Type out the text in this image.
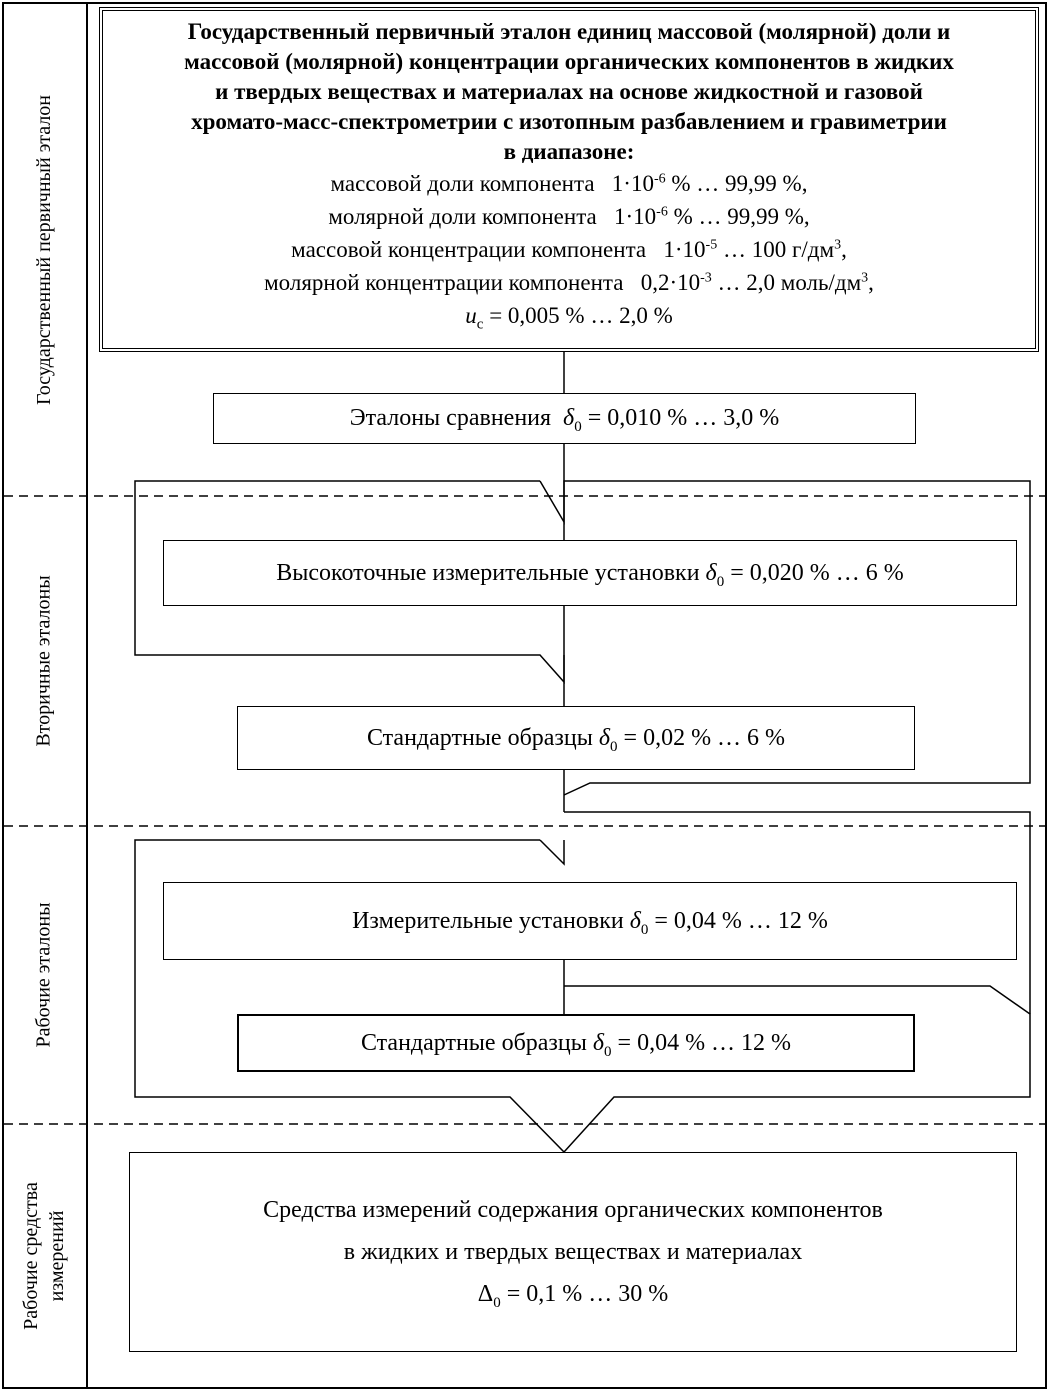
Государственный первичный эталон
Вторичные эталоны
Рабочие эталоны
Рабочие средства измерений
Государственный первичный эталон единиц массовой (молярной) доли и
массовой (молярной) концентрации органических компонентов в жидких
и твердых веществах и материалах на основе жидкостной и газовой
хромато-масс-спектрометрии с изотопным разбавлением и гравиметрии
в диапазоне:
массовой доли компонента $1\cdot 10^{-6}$ % … 99,99 %,
молярной доли компонента $1\cdot 10^{-6}$ % … 99,99 %,
массовой концентрации компонента $1\cdot 10^{-5}$ … 100 $г/дм^3$,
молярной концентрации компонента $0,2\cdot 10^{-3}$ … 2,0 моль/$дм^3$,
$u_c = 0,005$ % … 2,0 %
Эталоны сравнения $\delta_0 = 0,010$ % … 3,0 %
Высокоточные измерительные установки $\delta_0 = 0,020$ % … 6 %
Стандартные образцы $\delta_0 = 0,02$ % … 6 %
Измерительные установки $\delta_0 = 0,04$ % … 12 %
Стандартные образцы $\delta_0 = 0,04$ % … 12 %

Средства измерений содержания органических компонентов

в жидких и твердых веществах и материалах

$\Delta_0 = 0,1$ % … 30 %
